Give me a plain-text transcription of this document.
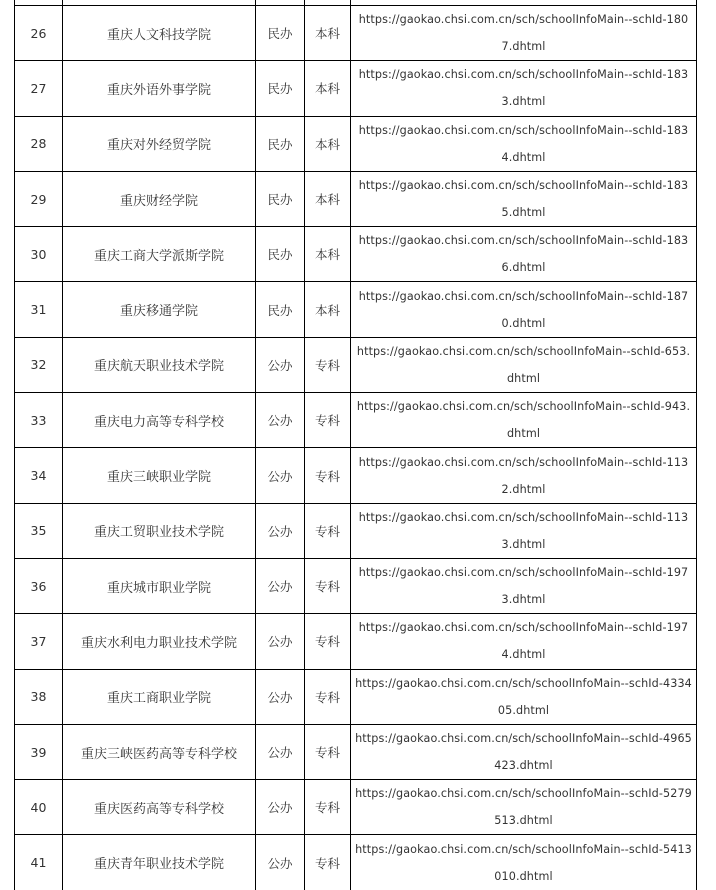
26	重庆人文科技学院	民办	本科	https://gaokao.chsi.com.cn/sch/schoolInfoMain--schId-1807.dhtml
27	重庆外语外事学院	民办	本科	https://gaokao.chsi.com.cn/sch/schoolInfoMain--schId-1833.dhtml
28	重庆对外经贸学院	民办	本科	https://gaokao.chsi.com.cn/sch/schoolInfoMain--schId-1834.dhtml
29	重庆财经学院	民办	本科	https://gaokao.chsi.com.cn/sch/schoolInfoMain--schId-1835.dhtml
30	重庆工商大学派斯学院	民办	本科	https://gaokao.chsi.com.cn/sch/schoolInfoMain--schId-1836.dhtml
31	重庆移通学院	民办	本科	https://gaokao.chsi.com.cn/sch/schoolInfoMain--schId-1870.dhtml
32	重庆航天职业技术学院	公办	专科	https://gaokao.chsi.com.cn/sch/schoolInfoMain--schId-653.dhtml
33	重庆电力高等专科学校	公办	专科	https://gaokao.chsi.com.cn/sch/schoolInfoMain--schId-943.dhtml
34	重庆三峡职业学院	公办	专科	https://gaokao.chsi.com.cn/sch/schoolInfoMain--schId-1132.dhtml
35	重庆工贸职业技术学院	公办	专科	https://gaokao.chsi.com.cn/sch/schoolInfoMain--schId-1133.dhtml
36	重庆城市职业学院	公办	专科	https://gaokao.chsi.com.cn/sch/schoolInfoMain--schId-1973.dhtml
37	重庆水利电力职业技术学院	公办	专科	https://gaokao.chsi.com.cn/sch/schoolInfoMain--schId-1974.dhtml
38	重庆工商职业学院	公办	专科	https://gaokao.chsi.com.cn/sch/schoolInfoMain--schId-433405.dhtml
39	重庆三峡医药高等专科学校	公办	专科	https://gaokao.chsi.com.cn/sch/schoolInfoMain--schId-4965423.dhtml
40	重庆医药高等专科学校	公办	专科	https://gaokao.chsi.com.cn/sch/schoolInfoMain--schId-5279513.dhtml
41	重庆青年职业技术学院	公办	专科	https://gaokao.chsi.com.cn/sch/schoolInfoMain--schId-5413010.dhtml
